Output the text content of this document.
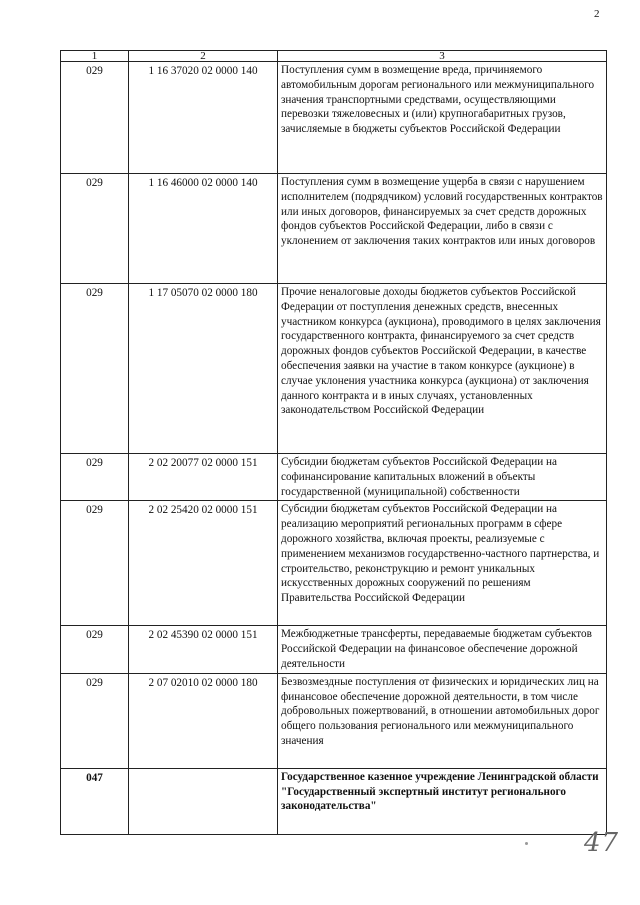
2
1	2	3
029	1 16 37020 02 0000 140	Поступления сумм в возмещение вреда, причиняемого автомобильным дорогам регионального или межмуниципального значения транспортными средствами, осуществляющими перевозки тяжеловесных и (или) крупногабаритных грузов, зачисляемые в бюджеты субъектов Российской Федерации
029	1 16 46000 02 0000 140	Поступления сумм в возмещение ущерба в связи с нарушением исполнителем (подрядчиком) условий государственных контрактов или иных договоров, финансируемых за счет средств дорожных фондов субъектов Российской Федерации, либо в связи с уклонением от заключения таких контрактов или иных договоров
029	1 17 05070 02 0000 180	Прочие неналоговые доходы бюджетов субъектов Российской Федерации от поступления денежных средств, внесенных участником конкурса (аукциона), проводимого в целях заключения государственного контракта, финансируемого за счет средств дорожных фондов субъектов Российской Федерации, в качестве обеспечения заявки на участие в таком конкурсе (аукционе) в случае уклонения участника конкурса (аукциона) от заключения данного контракта и в иных случаях, установленных законодательством Российской Федерации
029	2 02 20077 02 0000 151	Субсидии бюджетам субъектов Российской Федерации на софинансирование капитальных вложений в объекты государственной (муниципальной) собственности
029	2 02 25420 02 0000 151	Субсидии бюджетам субъектов Российской Федерации на реализацию мероприятий региональных программ в сфере дорожного хозяйства, включая проекты, реализуемые с применением механизмов государственно-частного партнерства, и строительство, реконструкцию и ремонт уникальных искусственных дорожных сооружений по решениям Правительства Российской Федерации
029	2 02 45390 02 0000 151	Межбюджетные трансферты, передаваемые бюджетам субъектов Российской Федерации на финансовое обеспечение дорожной деятельности
029	2 07 02010 02 0000 180	Безвозмездные поступления от физических и юридических лиц на финансовое обеспечение дорожной деятельности, в том числе добровольных пожертвований, в отношении автомобильных дорог общего пользования регионального или межмуниципального значения
047		Государственное казенное учреждение Ленинградской области "Государственный экспертный институт регионального законодательства"
47
